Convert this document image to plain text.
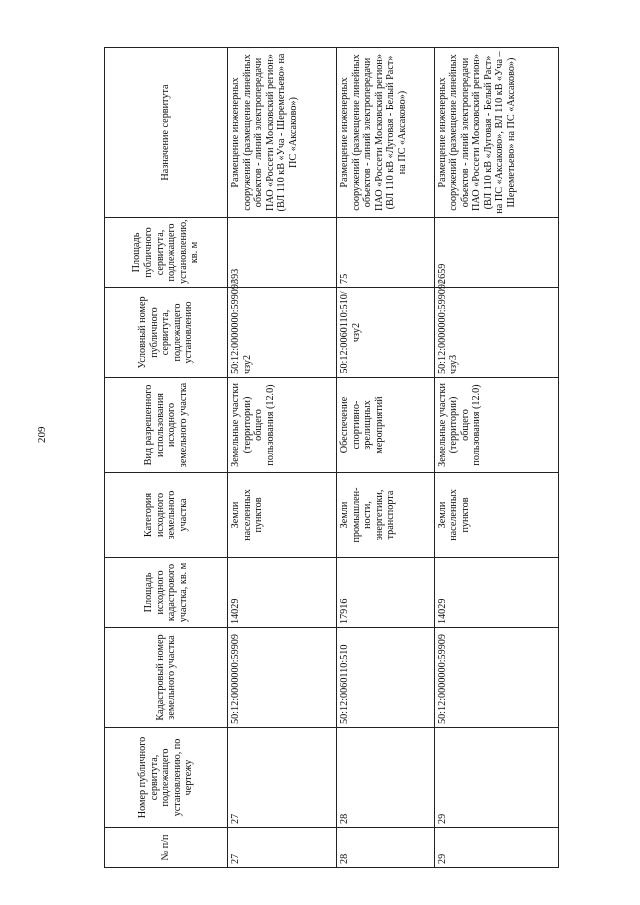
209
№ п/п	Номер публичного сервитута, подлежащего установлению, по чертежу	Кадастровый номер земельного участка	Площадь исходного кадастрового участка, кв. м	Категория исходного земельного участка	Вид разрешенного использования исходного земельного участка	Условный номер публичного сервитута, подлежащего установлению	Площадь публичного сервитута, подлежащего установлению, кв. м	Назначение сервитута
27	27	50:12:0000000:59909	14029	Земли населенных пунктов	Земельные участки (территории) общего пользования (12.0)	50:12:0000000:59909/чзу2	393	Размещение инженерных сооружений (размещение линейных объектов - линий электропередачи ПАО «Россети Московский регион» (ВЛ 110 кВ «Уча - Шереметьево» на ПС «Аксаково»)
28	28	50:12:0060110:510	17916	Земли промышлен-ности, энергетики, транспорта	Обеспечение спортивно-зрелищных мероприятий	50:12:0060110:510/чзу2	75	Размещение инженерных сооружений (размещение линейных объектов - линий электропередачи ПАО «Россети Московский регион» (ВЛ 110 кВ «Луговая - Белый Раст» на ПС «Аксаково»)
29	29	50:12:0000000:59909	14029	Земли населенных пунктов	Земельные участки (территории) общего пользования (12.0)	50:12:0000000:59909/чзу3	2659	Размещение инженерных сооружений (размещение линейных объектов - линий электропередачи ПАО «Россети Московский регион» (ВЛ 110 кВ «Луговая - Белый Раст» на ПС «Аксаково», ВЛ 110 кВ «Уча – Шереметьево» на ПС «Аксаково»)
